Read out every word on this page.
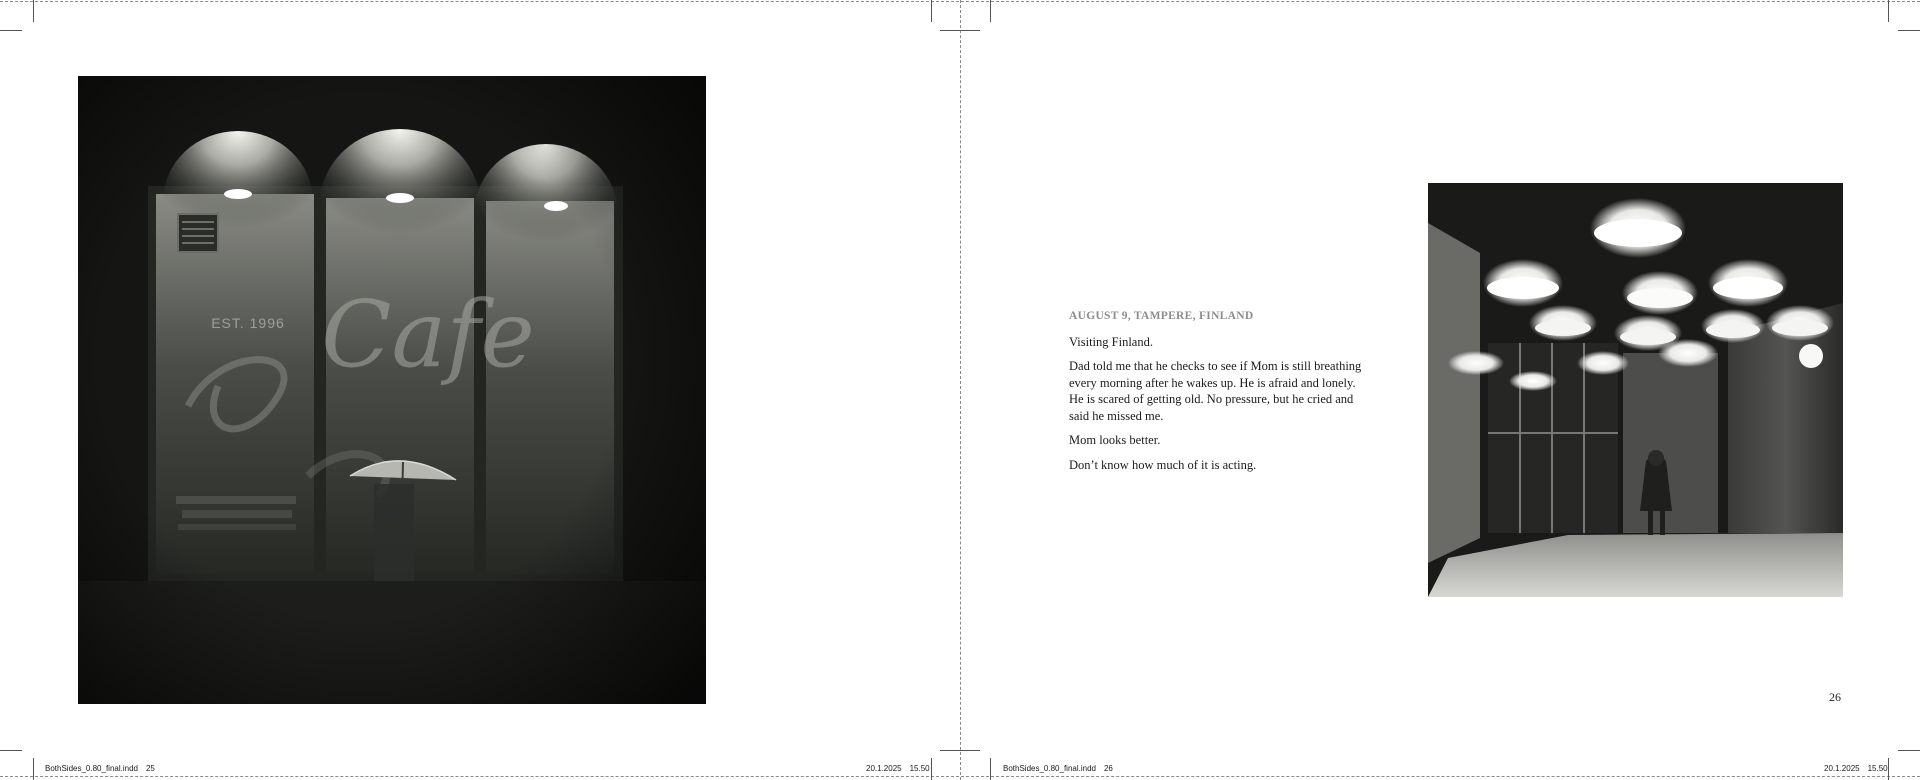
AUGUST 9, TAMPERE, FINLAND

Visiting Finland.

Dad told me that he checks to see if Mom is still breathing every morning after he wakes up. He is afraid and lonely. He is scared of getting old. No pressure, but he cried and said he missed me.

Mom looks better.

Don’t know how much of it is acting.

26
BothSides_0.80_final.indd 25	20.1.2025 15.50	BothSides_0.80_final.indd 26	20.1.2025 15.50
